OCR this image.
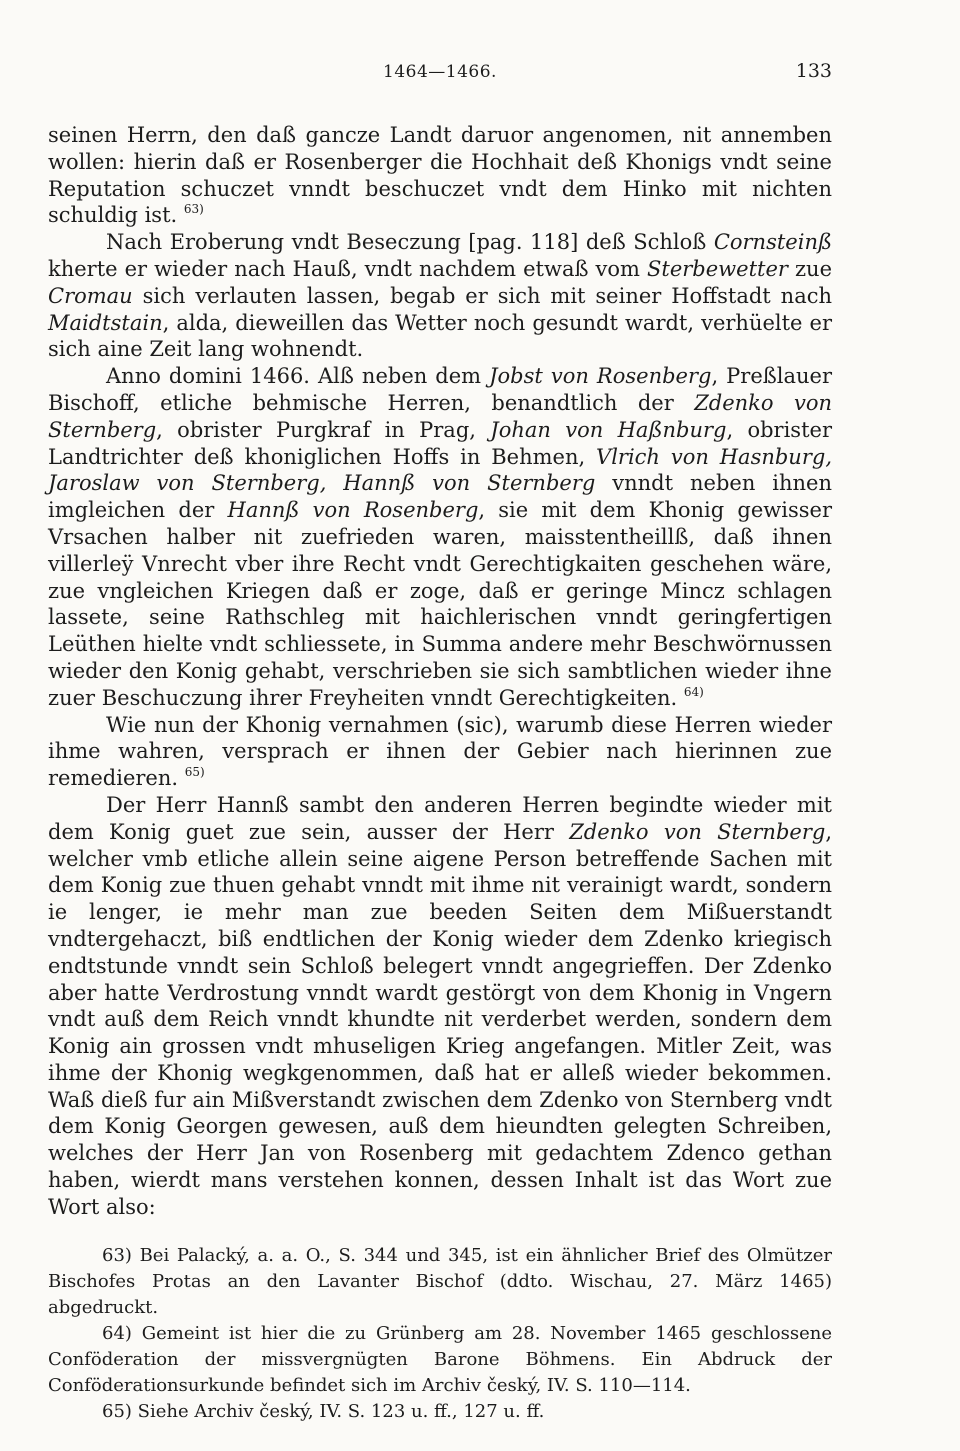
1464—1466.	133

seinen Herrn, den daß gancze Landt daruor angenomen, nit annemben wollen: hierin daß er Rosenberger die Hochhait deß Khonigs vndt seine Reputation schuczet vnndt beschuczet vndt dem Hinko mit nichten schuldig ist. $^{63)}$

Nach Eroberung vndt Beseczung [pag. 118] deß Schloß Cornsteinß kherte er wieder nach Hauß, vndt nachdem etwaß vom Sterbewetter zue Cromau sich verlauten lassen, begab er sich mit seiner Hoffstadt nach Maidtstain, alda, dieweillen das Wetter noch gesundt wardt, verhüelte er sich aine Zeit lang wohnendt.

Anno domini 1466. Alß neben dem Jobst von Rosenberg, Preßlauer Bischoff, etliche behmische Herren, benandtlich der Zdenko von Sternberg, obrister Purgkraf in Prag, Johan von Haßnburg, obrister Landtrichter deß khoniglichen Hoffs in Behmen, Vlrich von Hasnburg, Jaroslaw von Sternberg, Hannß von Sternberg vnndt neben ihnen imgleichen der Hannß von Rosenberg, sie mit dem Khonig gewisser Vrsachen halber nit zuefrieden waren, maisstentheillß, daß ihnen villerleÿ Vnrecht vber ihre Recht vndt Gerechtigkaiten geschehen wäre, zue vngleichen Kriegen daß er zoge, daß er geringe Mincz schlagen lassete, seine Rathschleg mit haichlerischen vnndt geringfertigen Leüthen hielte vndt schliessete, in Summa andere mehr Beschwörnussen wieder den Konig gehabt, verschrieben sie sich sambtlichen wieder ihne zuer Beschuczung ihrer Freyheiten vnndt Gerechtigkeiten. $^{64)}$

Wie nun der Khonig vernahmen (sic), warumb diese Herren wieder ihme wahren, versprach er ihnen der Gebier nach hierinnen zue remedieren. $^{65)}$

Der Herr Hannß sambt den anderen Herren begindte wieder mit dem Konig guet zue sein, ausser der Herr Zdenko von Sternberg, welcher vmb etliche allein seine aigene Person betreffende Sachen mit dem Konig zue thuen gehabt vnndt mit ihme nit verainigt wardt, sondern ie lenger, ie mehr man zue beeden Seiten dem Mißuerstandt vndtergehaczt, biß endtlichen der Konig wieder dem Zdenko kriegisch endtstunde vnndt sein Schloß belegert vnndt angegrieffen. Der Zdenko aber hatte Verdrostung vnndt wardt gestörgt von dem Khonig in Vngern vndt auß dem Reich vnndt khundte nit verderbet werden, sondern dem Konig ain grossen vndt mhuseligen Krieg angefangen. Mitler Zeit, was ihme der Khonig wegkgenommen, daß hat er alleß wieder bekommen. Waß dieß fur ain Mißverstandt zwischen dem Zdenko von Sternberg vndt dem Konig Georgen gewesen, auß dem hieundten gelegten Schreiben, welches der Herr Jan von Rosenberg mit gedachtem Zdenco gethan haben, wierdt mans verstehen konnen, dessen Inhalt ist das Wort zue Wort also:

63) Bei Palacký, a. a. O., S. 344 und 345, ist ein ähnlicher Brief des Olmützer Bischofes Protas an den Lavanter Bischof (ddto. Wischau, 27. März 1465) abgedruckt.

64) Gemeint ist hier die zu Grünberg am 28. November 1465 geschlossene Conföderation der missvergnügten Barone Böhmens. Ein Abdruck der Conföderationsurkunde befindet sich im Archiv český, IV. S. 110—114.

65) Siehe Archiv český, IV. S. 123 u. ff., 127 u. ff.
